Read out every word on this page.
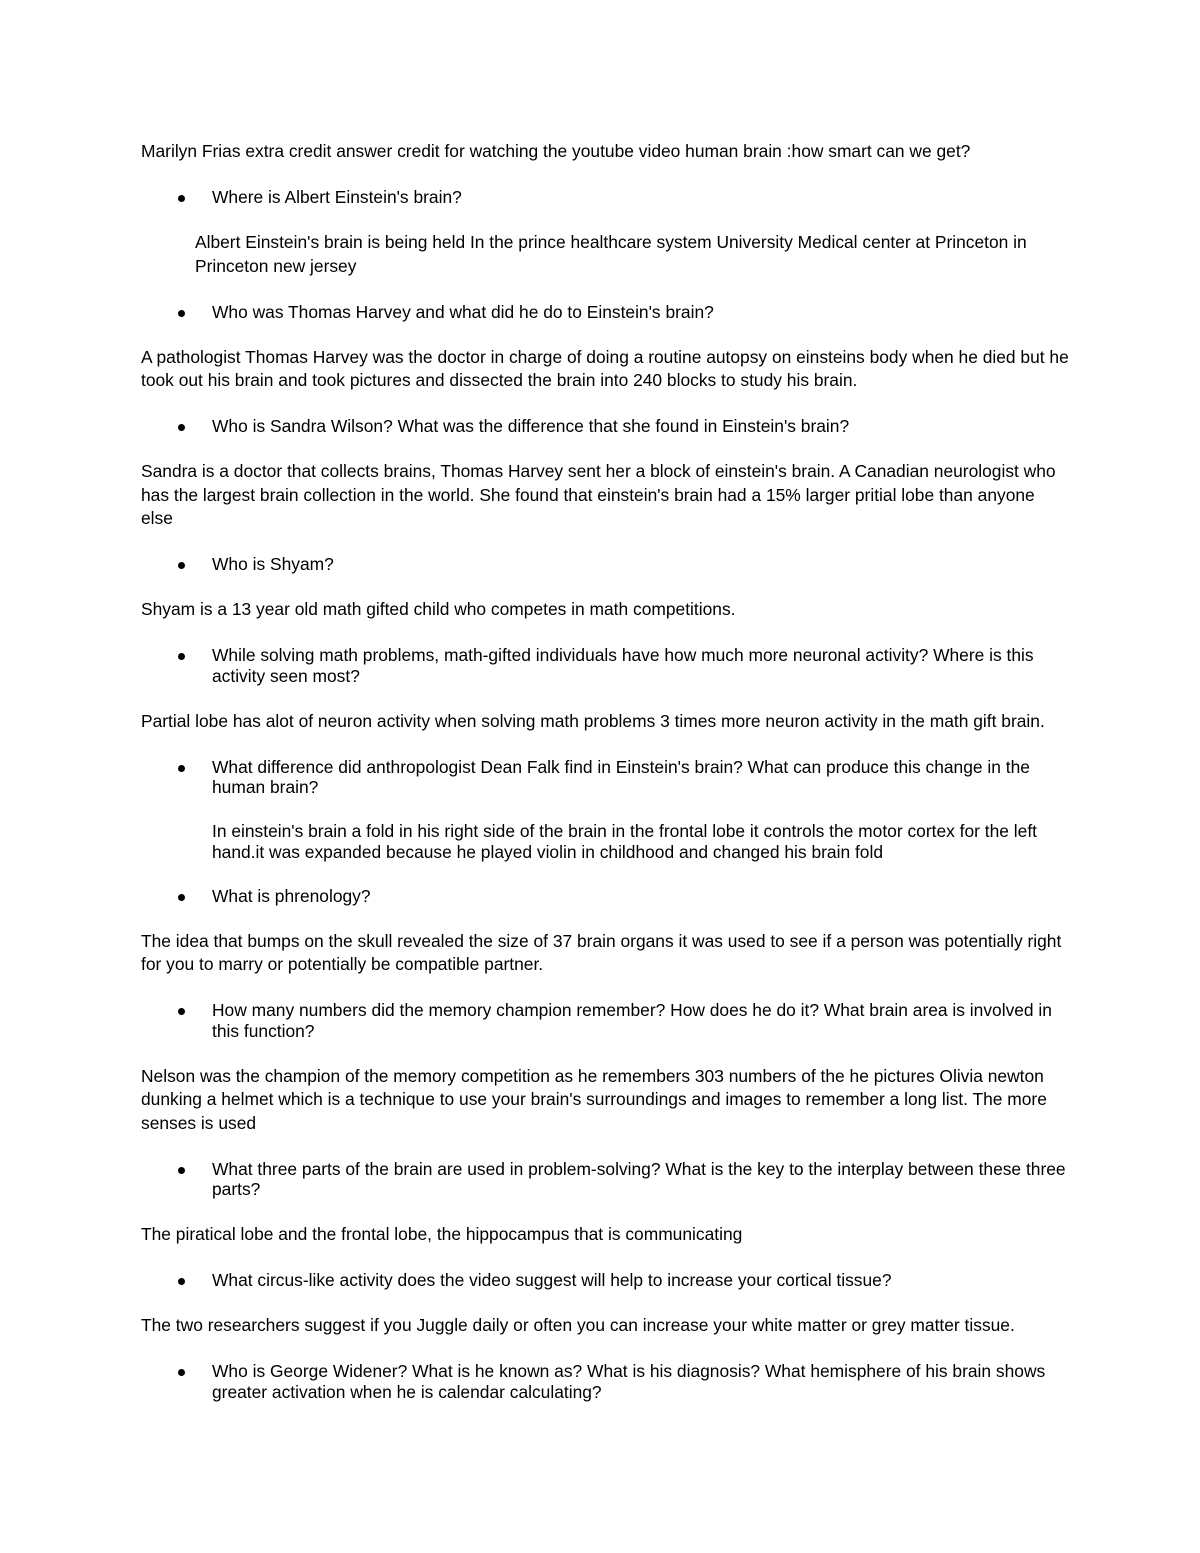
Marilyn Frias extra credit answer credit for watching the youtube video human brain :how smart can we get?

Where is Albert Einstein's brain?

Albert Einstein's brain is being held In the prince healthcare system University Medical center at Princeton in Princeton new jersey

Who was Thomas Harvey and what did he do to Einstein's brain?

A pathologist Thomas Harvey was the doctor in charge of doing a routine autopsy on einsteins body when he died but he took out his brain and took pictures and dissected the brain into 240 blocks to study his brain.

Who is Sandra Wilson? What was the difference that she found in Einstein's brain?

Sandra is a doctor that collects brains, Thomas Harvey sent her a block of einstein's brain. A Canadian neurologist who has the largest brain collection in the world. She found that einstein's brain had a 15% larger pritial lobe than anyone else

Who is Shyam?

Shyam is a 13 year old math gifted child who competes in math competitions.

While solving math problems, math-gifted individuals have how much more neuronal activity? Where is this activity seen most?

Partial lobe has alot of neuron activity when solving math problems 3 times more neuron activity in the math gift brain.

What difference did anthropologist Dean Falk find in Einstein's brain? What can produce this change in the human brain?

In einstein's brain a fold in his right side of the brain in the frontal lobe it controls the motor cortex for the left hand.it was expanded because he played violin in childhood and changed his brain fold

What is phrenology?

The idea that bumps on the skull revealed the size of 37 brain organs it was used to see if a person was potentially right for you to marry or potentially be compatible partner.

How many numbers did the memory champion remember? How does he do it? What brain area is involved in this function?

Nelson was the champion of the memory competition as he remembers 303 numbers of the he pictures Olivia newton dunking a helmet which is a technique to use your brain's surroundings and images to remember a long list. The more senses is used

What three parts of the brain are used in problem-solving? What is the key to the interplay between these three parts?

The piratical lobe and the frontal lobe, the hippocampus that is communicating

What circus-like activity does the video suggest will help to increase your cortical tissue?

The two researchers suggest if you Juggle daily or often you can increase your white matter or grey matter tissue.

Who is George Widener? What is he known as? What is his diagnosis? What hemisphere of his brain shows greater activation when he is calendar calculating?
